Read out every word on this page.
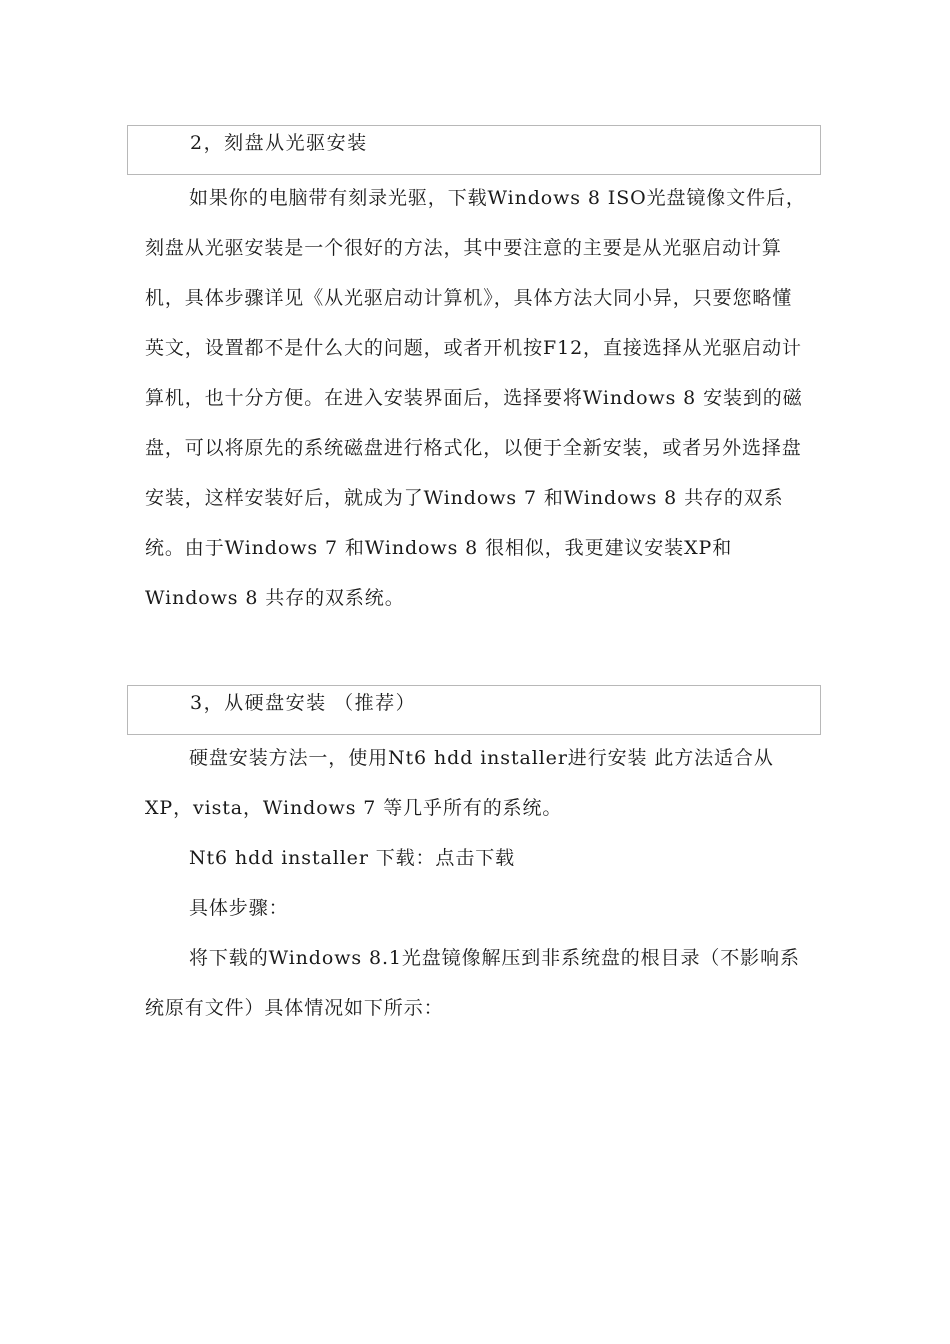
2，刻盘从光驱安装

如果你的电脑带有刻录光驱，下载Windows 8 ISO光盘镜像文件后，刻盘从光驱安装是一个很好的方法，其中要注意的主要是从光驱启动计算机，具体步骤详见《从光驱启动计算机》，具体方法大同小异，只要您略懂英文，设置都不是什么大的问题，或者开机按F12，直接选择从光驱启动计算机，也十分方便。在进入安装界面后，选择要将Windows 8 安装到的磁盘，可以将原先的系统磁盘进行格式化，以便于全新安装，或者另外选择盘安装，这样安装好后，就成为了Windows 7 和Windows 8 共存的双系统。由于Windows 7 和Windows 8 很相似，我更建议安装XP和Windows 8 共存的双系统。

3，从硬盘安装 （推荐）

硬盘安装方法一，使用Nt6 hdd installer进行安装 此方法适合从XP，vista，Windows 7 等几乎所有的系统。

Nt6 hdd installer 下载：点击下载

具体步骤：

将下载的Windows 8.1光盘镜像解压到非系统盘的根目录（不影响系统原有文件）具体情况如下所示：
